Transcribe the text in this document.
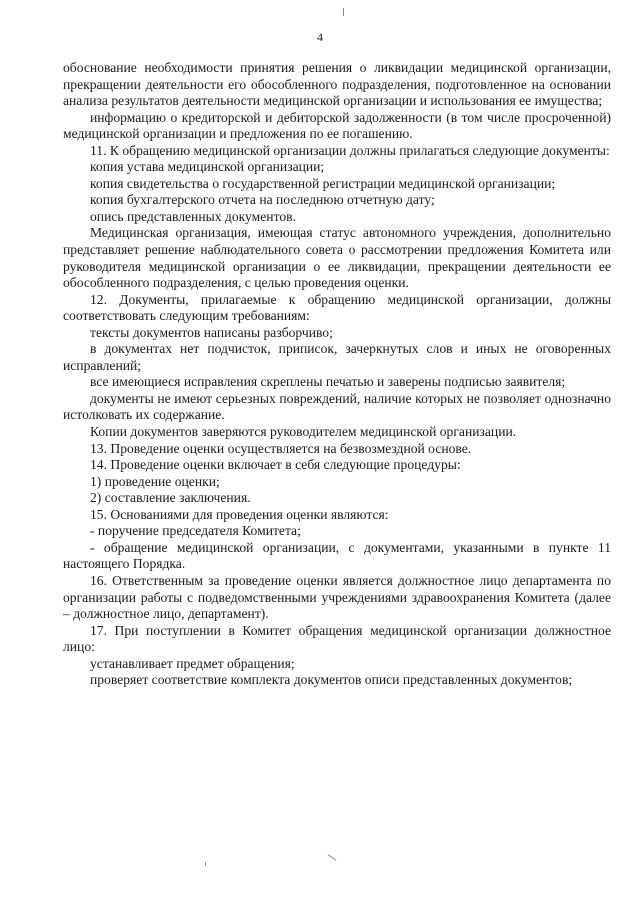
4

обоснование необходимости принятия решения о ликвидации медицинской организации, прекращении деятельности его обособленного подразделения, подготовленное на основании анализа результатов деятельности медицинской организации и использования ее имущества;

информацию о кредиторской и дебиторской задолженности (в том числе просроченной) медицинской организации и предложения по ее погашению.

11. К обращению медицинской организации должны прилагаться следующие документы:

копия устава медицинской организации;

копия свидетельства о государственной регистрации медицинской организации;

копия бухгалтерского отчета на последнюю отчетную дату;

опись представленных документов.

Медицинская организация, имеющая статус автономного учреждения, дополнительно представляет решение наблюдательного совета о рассмотрении предложения Комитета или руководителя медицинской организации о ее ликвидации, прекращении деятельности ее обособленного подразделения, с целью проведения оценки.

12. Документы, прилагаемые к обращению медицинской организации, должны соответствовать следующим требованиям:

тексты документов написаны разборчиво;

в документах нет подчисток, приписок, зачеркнутых слов и иных не оговоренных исправлений;

все имеющиеся исправления скреплены печатью и заверены подписью заявителя;

документы не имеют серьезных повреждений, наличие которых не позволяет однозначно истолковать их содержание.

Копии документов заверяются руководителем медицинской организации.

13. Проведение оценки осуществляется на безвозмездной основе.

14. Проведение оценки включает в себя следующие процедуры:

1) проведение оценки;

2) составление заключения.

15. Основаниями для проведения оценки являются:

- поручение председателя Комитета;

- обращение медицинской организации, с документами, указанными в пункте 11 настоящего Порядка.

16. Ответственным за проведение оценки является должностное лицо департамента по организации работы с подведомственными учреждениями здравоохранения Комитета (далее – должностное лицо, департамент).

17. При поступлении в Комитет обращения медицинской организации должностное лицо:

устанавливает предмет обращения;

проверяет соответствие комплекта документов описи представленных документов;
